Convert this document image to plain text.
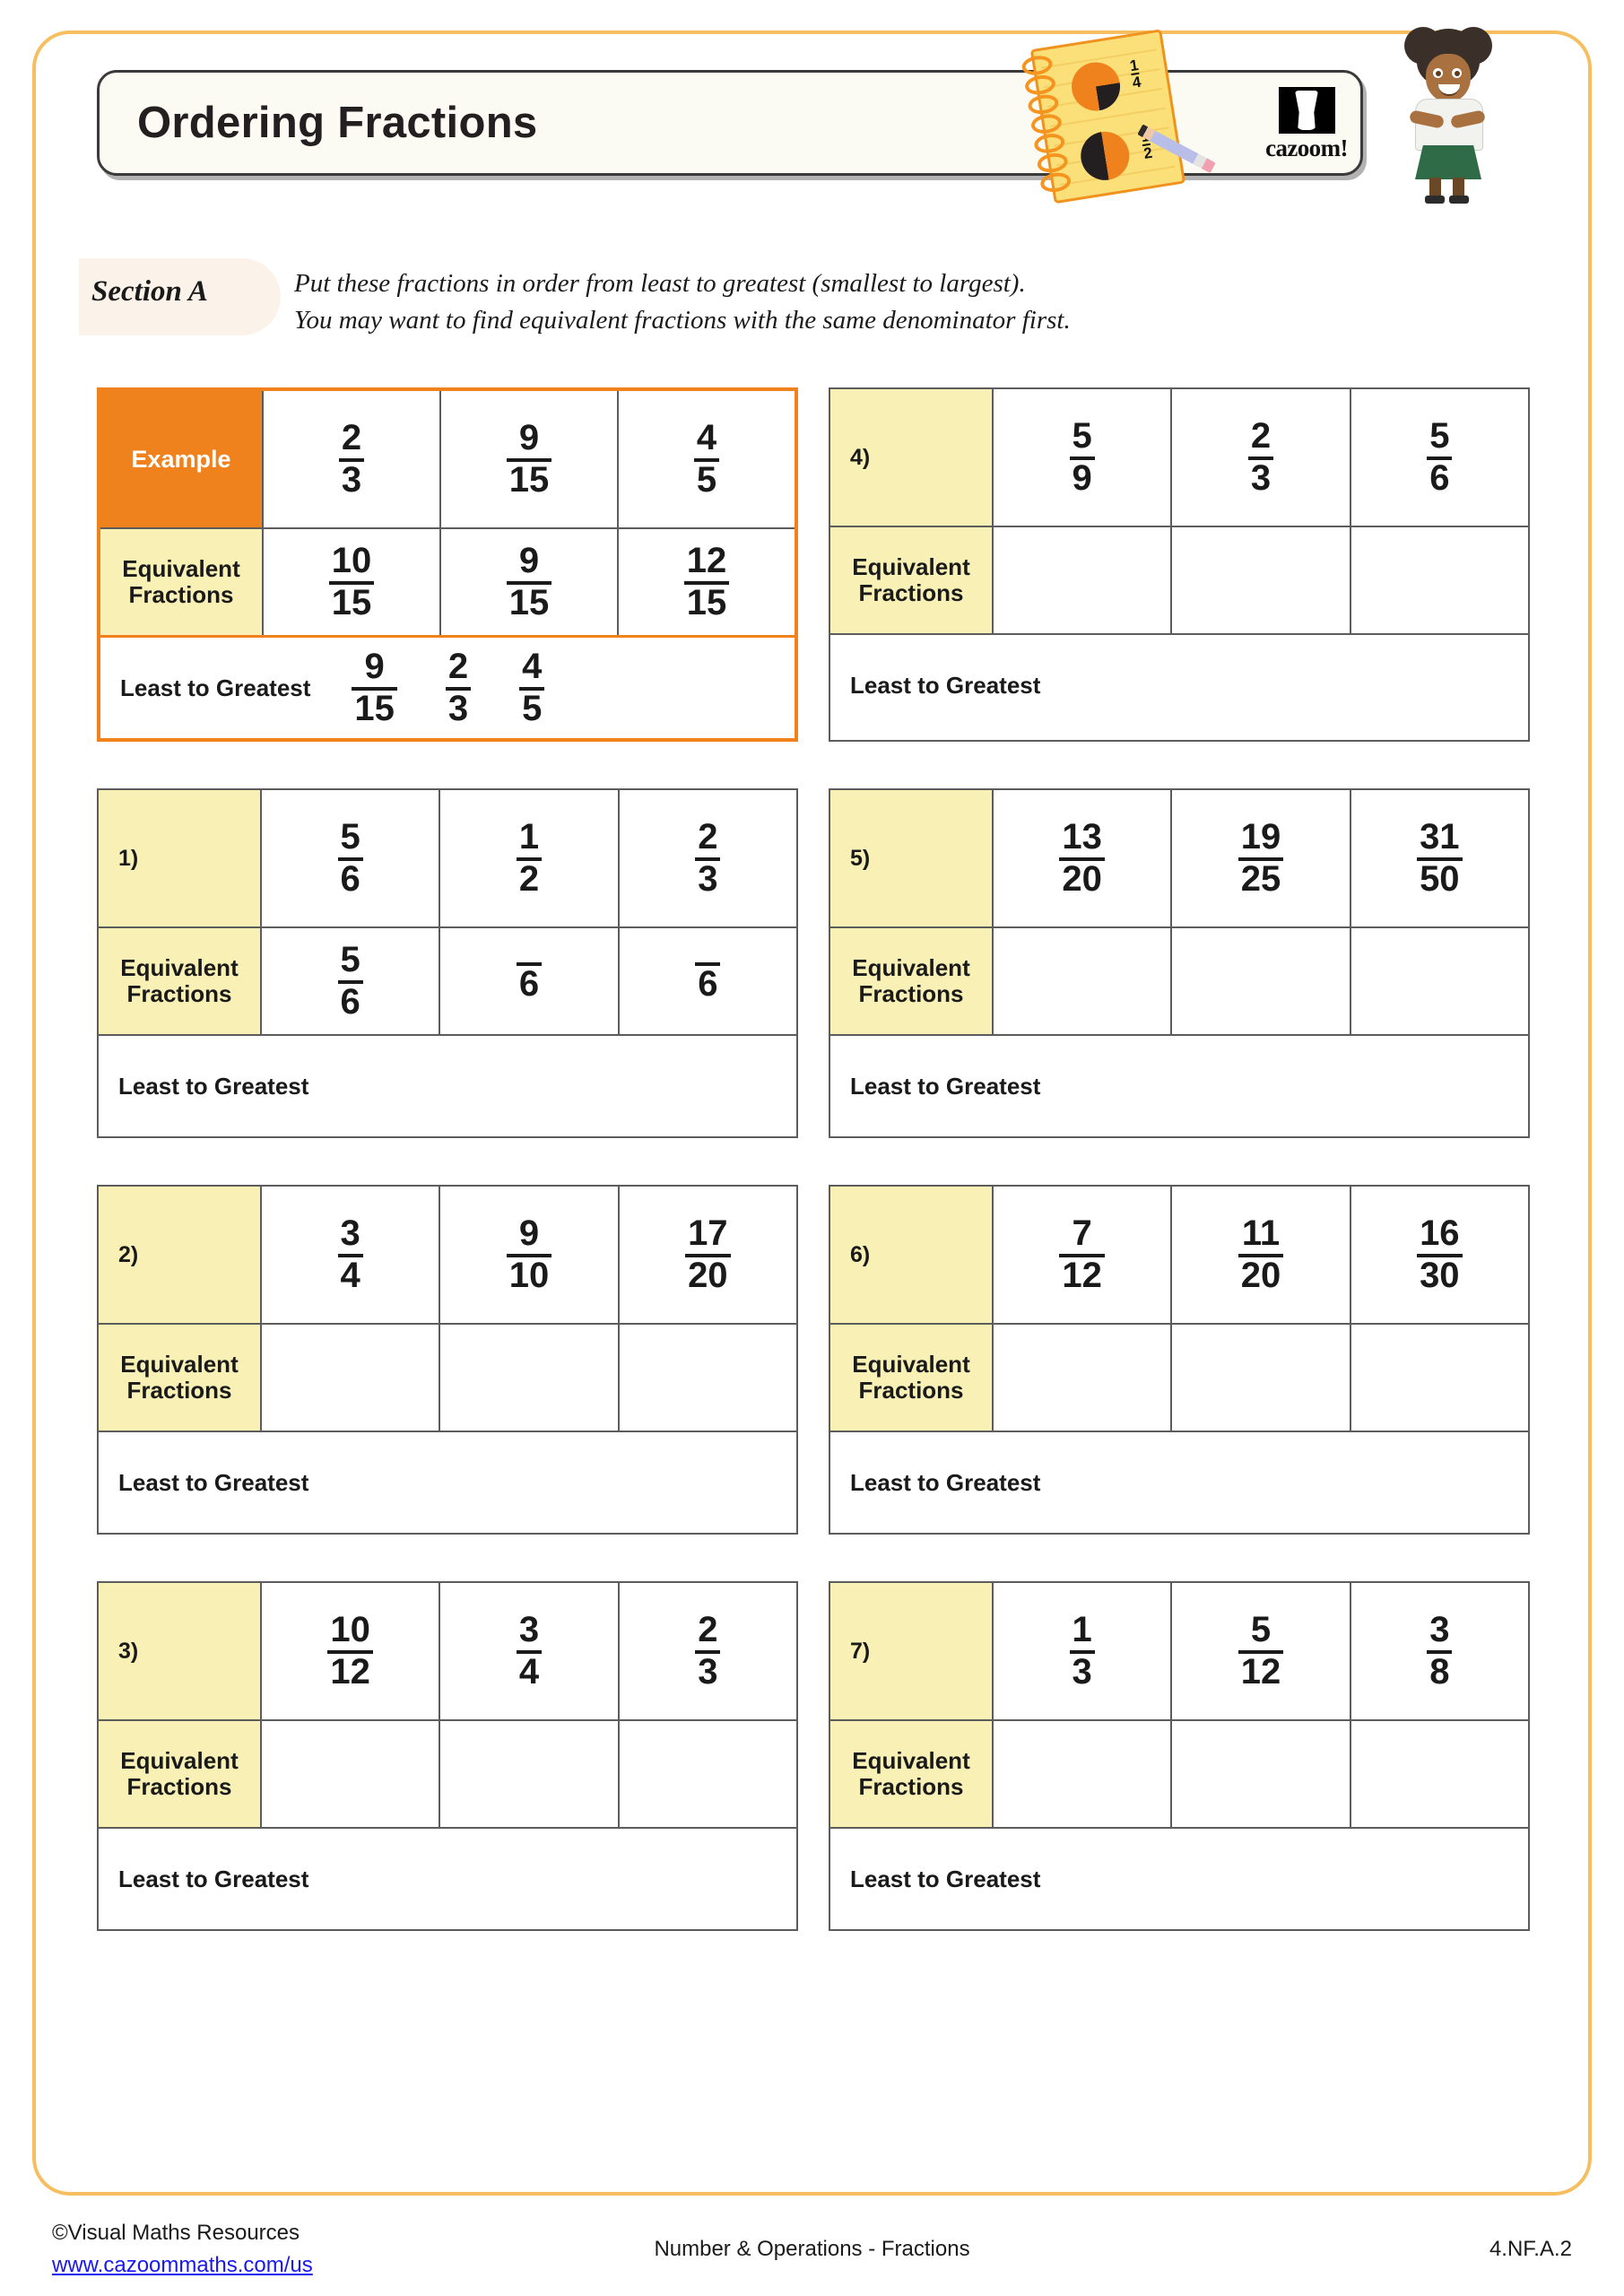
Ordering Fractions
$\frac{1}{4}$
2	cazoom!
Section A	Put these fractions in order from least to greatest (smallest to largest).
You may want to find equivalent fractions with the same denominator first.
Example	$\frac{2}{3}$	$\frac{9}{15}$	$\frac{4}{5}$
Equivalent Fractions	$\frac{10}{15}$	$\frac{9}{15}$	$\frac{12}{15}$
Least to Greatest $\frac{9}{15} \frac{2}{3} \frac{4}{5}$
4)	$\frac{5}{9}$	$\frac{2}{3}$	$\frac{5}{6}$
Equivalent Fractions
Least to Greatest
1)	$\frac{5}{6}$	$\frac{1}{2}$	$\frac{2}{3}$
Equivalent Fractions	$\frac{5}{6}$	6	6
Least to Greatest
5)	$\frac{13}{20}$	$\frac{19}{25}$	$\frac{31}{50}$
Equivalent Fractions
Least to Greatest
2)	$\frac{3}{4}$	$\frac{9}{10}$	$\frac{17}{20}$
Equivalent Fractions
Least to Greatest
6)	$\frac{7}{12}$	$\frac{11}{20}$	$\frac{16}{30}$
Equivalent Fractions
Least to Greatest
3)	$\frac{10}{12}$	$\frac{3}{4}$	$\frac{2}{3}$
Equivalent Fractions
Least to Greatest
7)	$\frac{1}{3}$	$\frac{5}{12}$	$\frac{3}{8}$
Equivalent Fractions
Least to Greatest
©Visual Maths Resources
www.cazoommaths.com/us
Number & Operations - Fractions	4.NF.A.2
